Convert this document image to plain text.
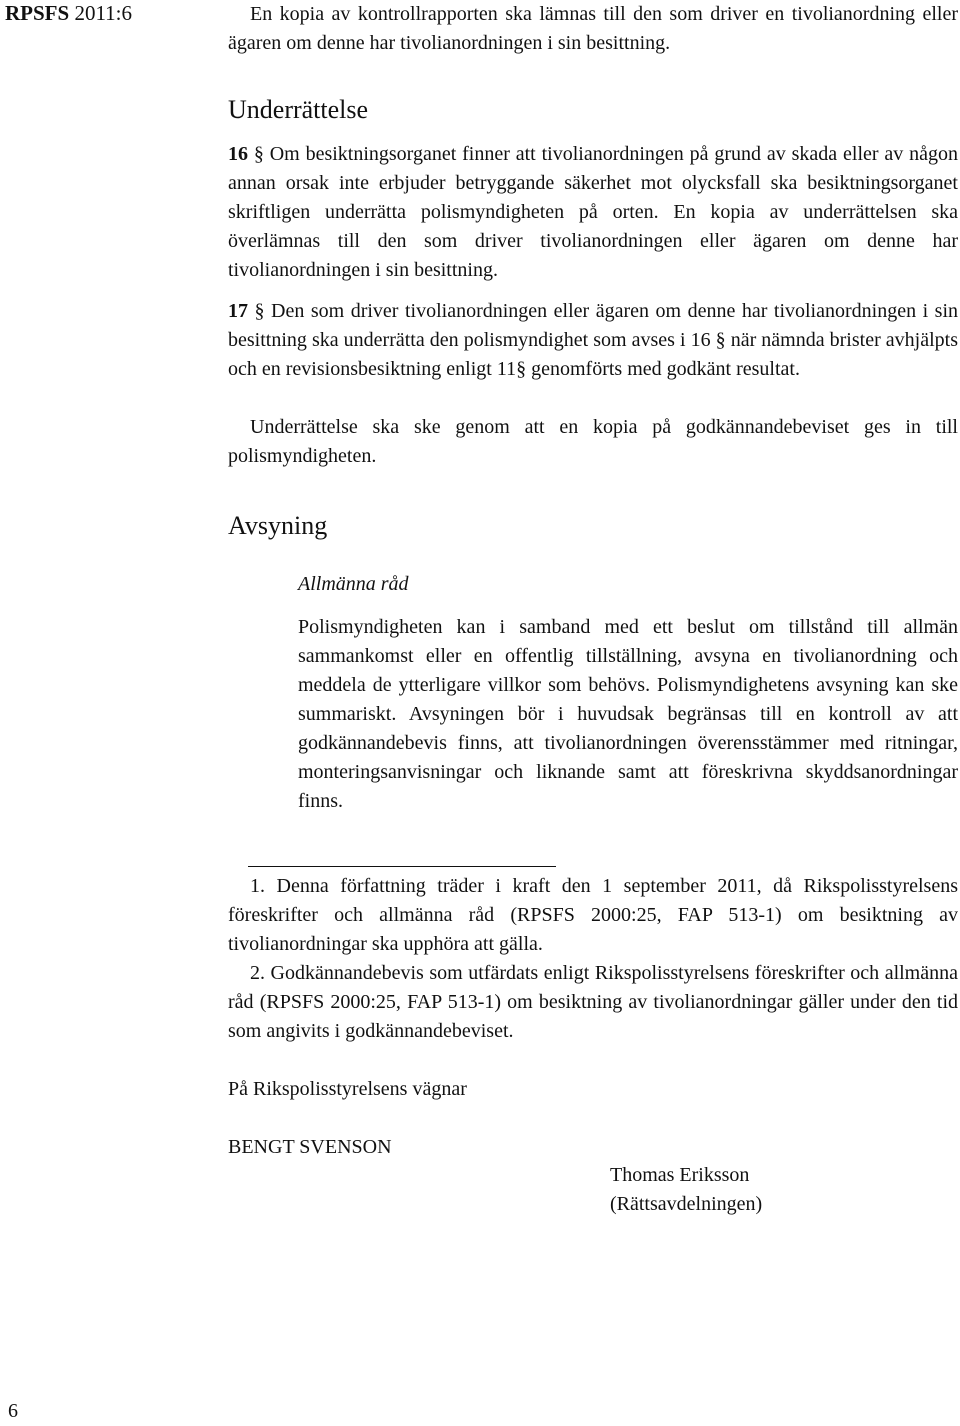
RPSFS 2011:6	En kopia av kontrollrapporten ska lämnas till den som driver en tivolianordning eller ägaren om denne har tivolianordningen i sin besittning.

Underrättelse

16 § Om besiktningsorganet finner att tivolianordningen på grund av skada eller av någon annan orsak inte erbjuder betryggande säkerhet mot olycksfall ska besiktningsorganet skriftligen underrätta polismyndigheten på orten. En kopia av underrättelsen ska överlämnas till den som driver tivolianordningen eller ägaren om denne har tivolianordningen i sin besittning.

17 § Den som driver tivolianordningen eller ägaren om denne har tivolianordningen i sin besittning ska underrätta den polismyndighet som avses i 16 § när nämnda brister avhjälpts och en revisionsbesiktning enligt 11§ genomförts med godkänt resultat.

Underrättelse ska ske genom att en kopia på godkännandebeviset ges in till polismyndigheten.

Avsyning
Allmänna råd

Polismyndigheten kan i samband med ett beslut om tillstånd till allmän sammankomst eller en offentlig tillställning, avsyna en tivolianordning och meddela de ytterligare villkor som behövs. Polismyndighetens avsyning kan ske summariskt. Avsyningen bör i huvudsak begränsas till en kontroll av att godkännandebevis finns, att tivolianordningen överensstämmer med ritningar, monteringsanvisningar och liknande samt att föreskrivna skyddsanordningar finns.

1. Denna författning träder i kraft den 1 september 2011, då Rikspolisstyrelsens föreskrifter och allmänna råd (RPSFS 2000:25, FAP 513-1) om besiktning av tivolianordningar ska upphöra att gälla.

2. Godkännandebevis som utfärdats enligt Rikspolisstyrelsens föreskrifter och allmänna råd (RPSFS 2000:25, FAP 513-1) om besiktning av tivolianordningar gäller under den tid som angivits i godkännandebeviset.

På Rikspolisstyrelsens vägnar
BENGT SVENSON
Thomas Eriksson
(Rättsavdelningen)
6
